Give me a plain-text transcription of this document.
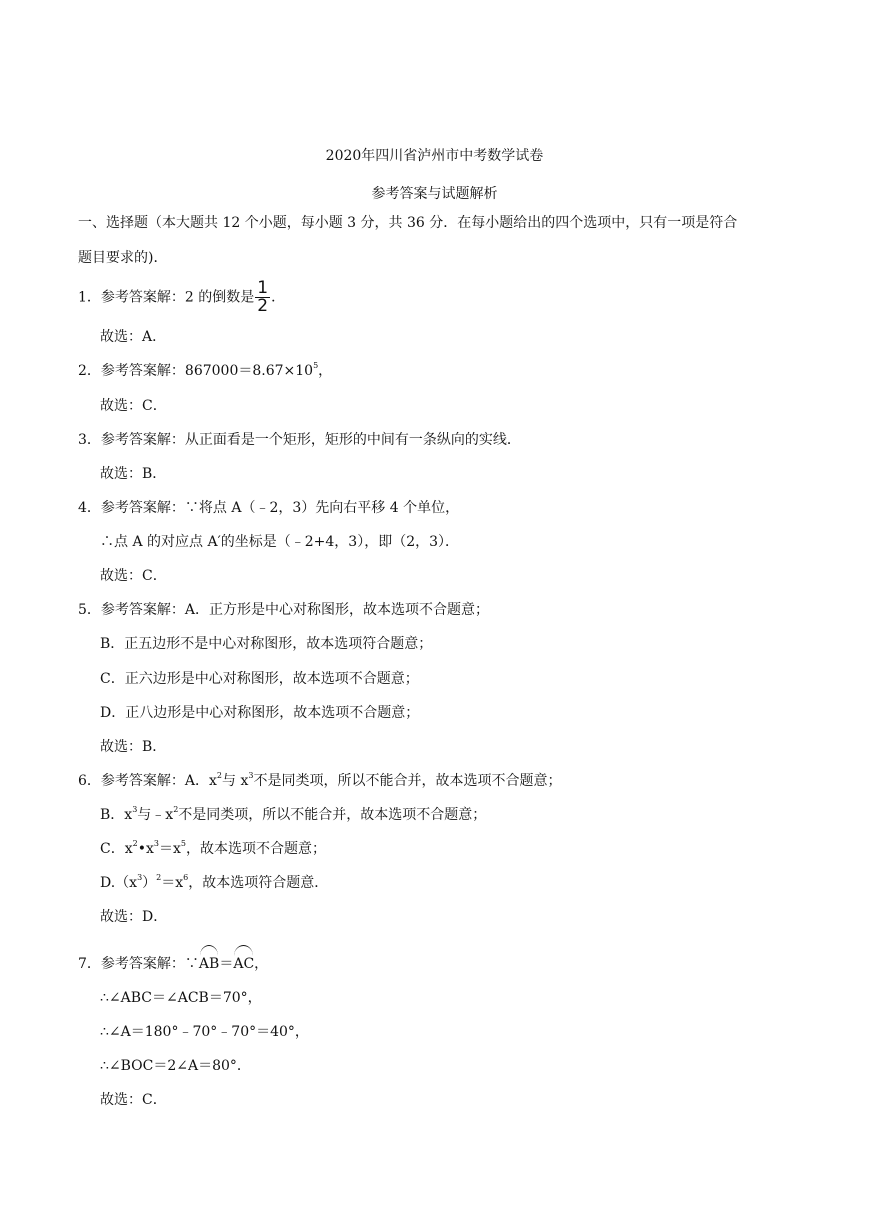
2020年四川省泸州市中考数学试卷
参考答案与试题解析
一、选择题（本大题共 12 个小题，每小题 3 分，共 36 分．在每小题给出的四个选项中，只有一项是符合
题目要求的)．
1．参考答案解：2 的倒数是 $\frac{1}{2}$ ．
故选：A．
2．参考答案解：$867000=8.67\times 10^5$，
故选：C．
3．参考答案解：从正面看是一个矩形，矩形的中间有一条纵向的实线．
故选：B．
4．参考答案解：∵将点 A（﹣2，3）先向右平移 4 个单位，
∴点 A 的对应点 A′的坐标是（﹣2+4，3），即（2，3）．
故选：C．
5．参考答案解：A．正方形是中心对称图形，故本选项不合题意；
B．正五边形不是中心对称图形，故本选项符合题意；
C．正六边形是中心对称图形，故本选项不合题意；
D．正八边形是中心对称图形，故本选项不合题意；
故选：B．
6．参考答案解：A．$x^2$与 $x^3$不是同类项，所以不能合并，故本选项不合题意；
B．$x^3$与$﹣x^2$不是同类项，所以不能合并，故本选项不合题意；
C．$x^2•x^3=x^5$，故本选项不合题意；
$D.(x^3)^2=x^6$，故本选项符合题意．
故选：D．
7．参考答案解：∵AB＝AC，
∴∠ABC＝∠ACB＝70°，
∴∠A＝180°﹣70°﹣70°＝40°，
∴∠BOC＝2∠A＝80°．
故选：C．
